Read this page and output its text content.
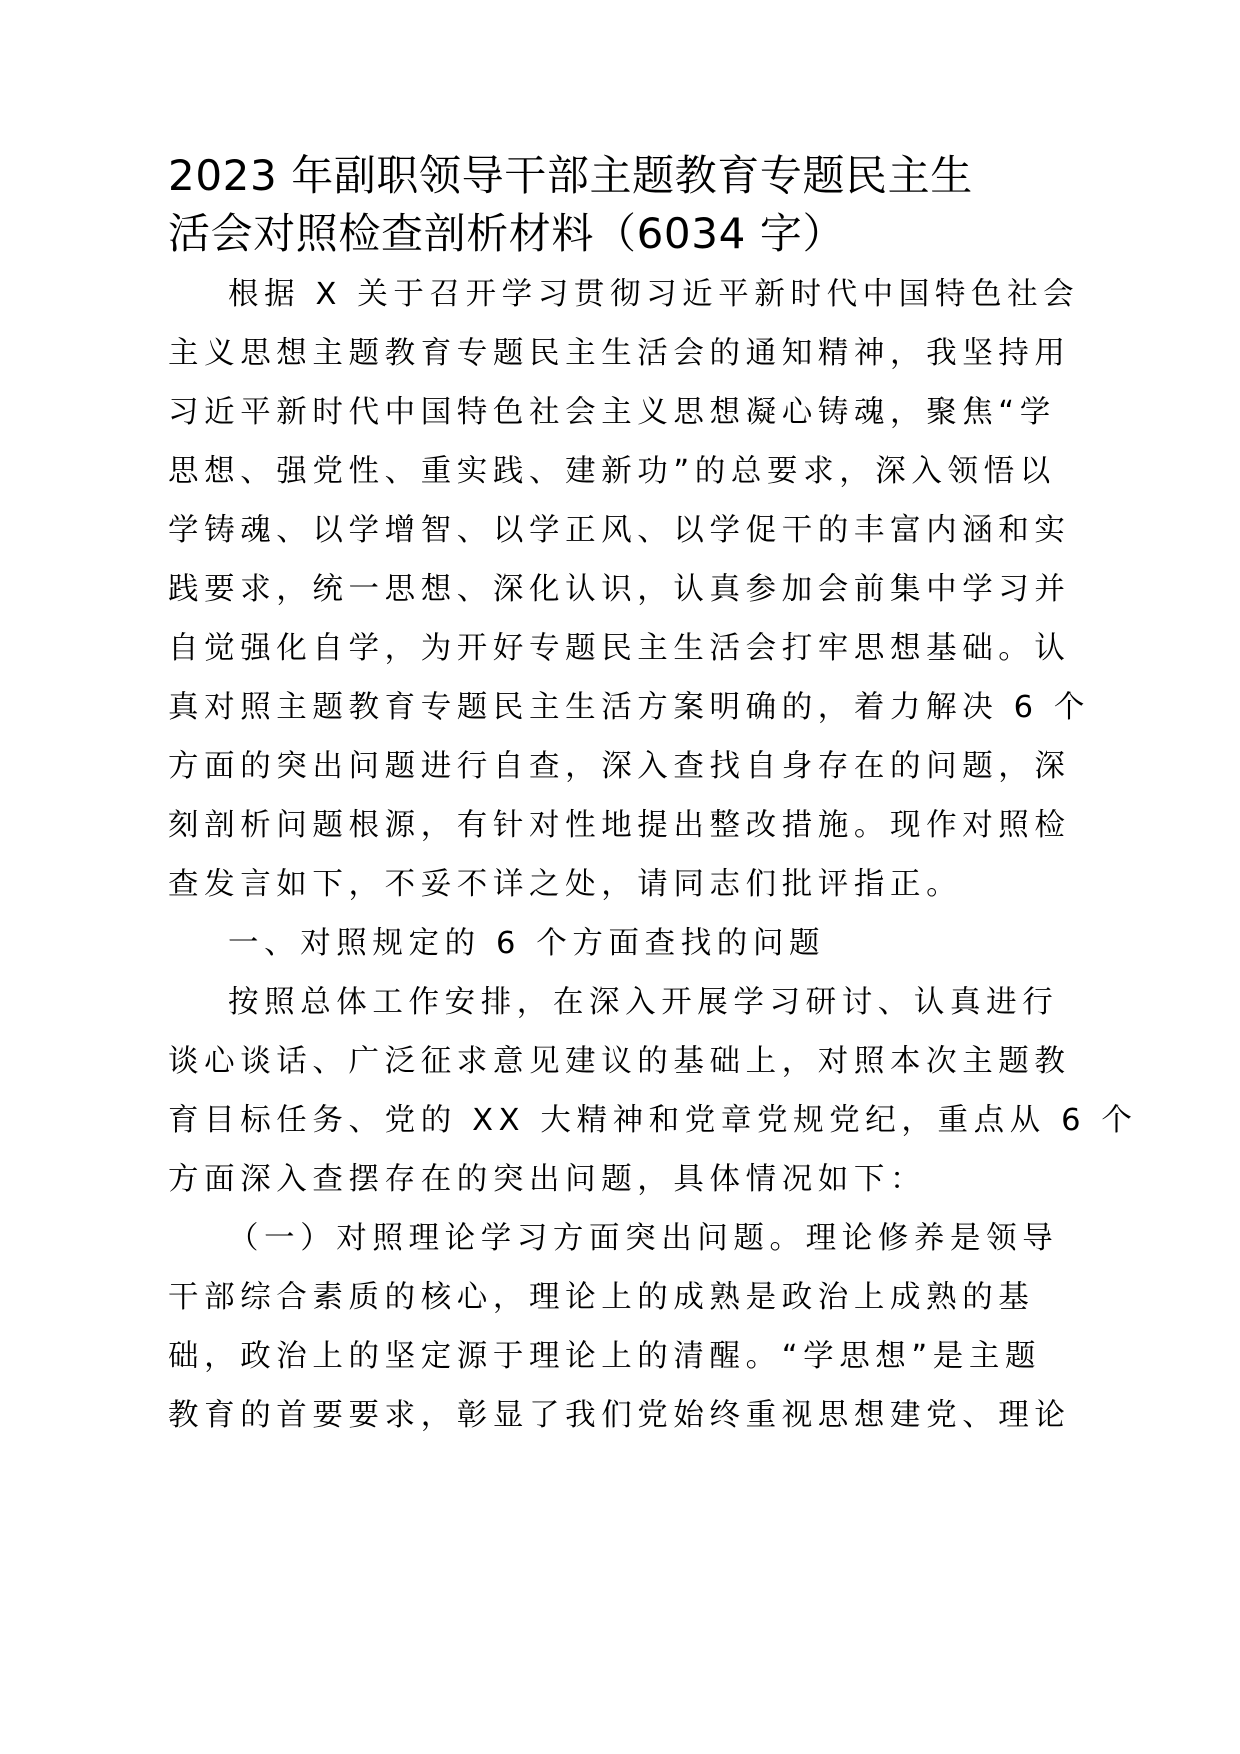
2023 年副职领导干部主题教育专题民主生
活会对照检查剖析材料（6034 字）
根据 X 关于召开学习贯彻习近平新时代中国特色社会
主义思想主题教育专题民主生活会的通知精神，我坚持用
习近平新时代中国特色社会主义思想凝心铸魂，聚焦“学
思想、强党性、重实践、建新功”的总要求，深入领悟以
学铸魂、以学增智、以学正风、以学促干的丰富内涵和实
践要求，统一思想、深化认识，认真参加会前集中学习并
自觉强化自学，为开好专题民主生活会打牢思想基础。认
真对照主题教育专题民主生活方案明确的，着力解决 6 个
方面的突出问题进行自查，深入查找自身存在的问题，深
刻剖析问题根源，有针对性地提出整改措施。现作对照检
查发言如下，不妥不详之处，请同志们批评指正。
一、对照规定的 6 个方面查找的问题
按照总体工作安排，在深入开展学习研讨、认真进行
谈心谈话、广泛征求意见建议的基础上，对照本次主题教
育目标任务、党的 XX 大精神和党章党规党纪，重点从 6 个
方面深入查摆存在的突出问题，具体情况如下：
（一）对照理论学习方面突出问题。理论修养是领导
干部综合素质的核心，理论上的成熟是政治上成熟的基
础，政治上的坚定源于理论上的清醒。“学思想”是主题
教育的首要要求，彰显了我们党始终重视思想建党、理论
